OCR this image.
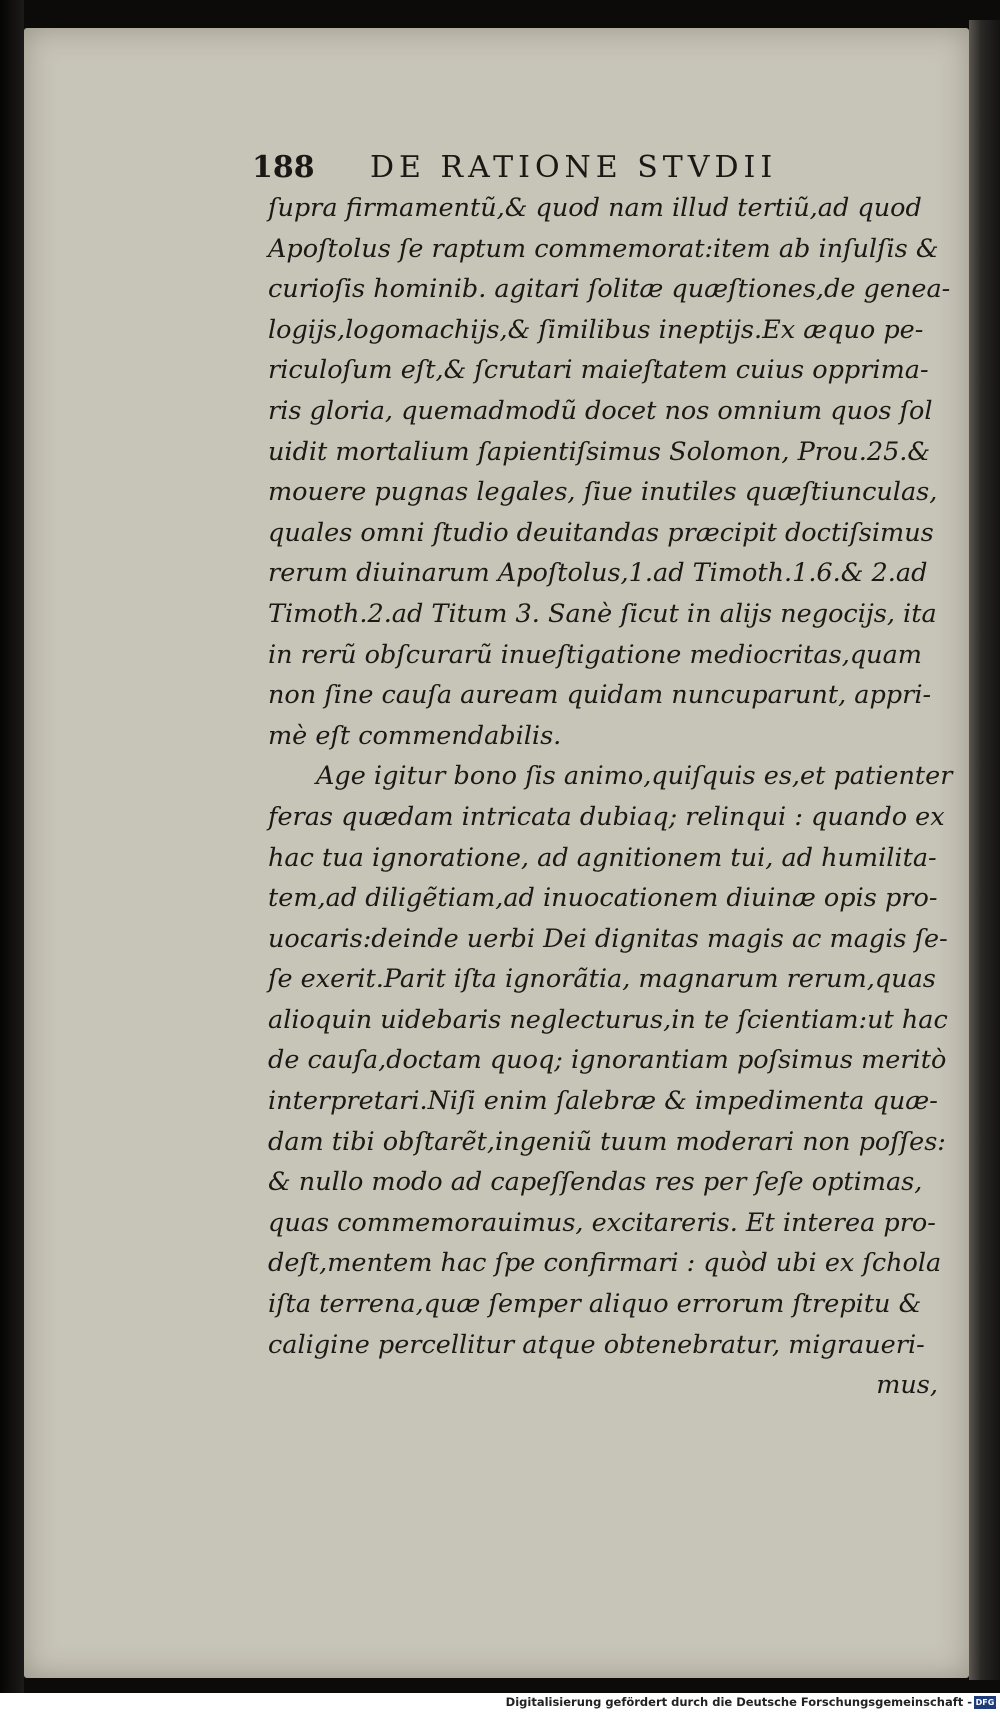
188 DE RATIONE STVDII
ſupra firmamentũ,& quod nam illud tertiũ,ad quod
Apoſtolus ſe raptum commemorat:item ab inſulſis &
curioſis hominib. agitari ſolitæ quæſtiones,de genea-
logijs,logomachijs,& ſimilibus ineptijs.Ex æquo pe-
riculoſum eſt,& ſcrutari maieſtatem cuius opprima-
ris gloria, quemadmodũ docet nos omnium quos ſol
uidit mortalium ſapientiſsimus Solomon, Prou.25.&
mouere pugnas legales, ſiue inutiles quæſtiunculas,
quales omni ſtudio deuitandas præcipit doctiſsimus
rerum diuinarum Apoſtolus,1.ad Timoth.1.6.& 2.ad
Timoth.2.ad Titum 3. Sanè ſicut in alijs negocijs, ita
in rerũ obſcurarũ inueſtigatione mediocritas,quam
non ſine cauſa auream quidam nuncuparunt, appri-
mè eſt commendabilis.
Age igitur bono ſis animo,quiſquis es,et patienter
feras quædam intricata dubiaq; relinqui : quando ex
hac tua ignoratione, ad agnitionem tui, ad humilita-
tem,ad diligẽtiam,ad inuocationem diuinæ opis pro-
uocaris:deinde uerbi Dei dignitas magis ac magis ſe-
ſe exerit.Parit iſta ignorãtia, magnarum rerum,quas
alioquin uidebaris neglecturus,in te ſcientiam:ut hac
de cauſa,doctam quoq; ignorantiam poſsimus meritò
interpretari.Niſi enim ſalebræ & impedimenta quæ-
dam tibi obſtarẽt,ingeniũ tuum moderari non poſſes:
& nullo modo ad capeſſendas res per ſeſe optimas,
quas commemorauimus, excitareris. Et interea pro-
deſt,mentem hac ſpe confirmari : quòd ubi ex ſchola
iſta terrena,quæ ſemper aliquo errorum ſtrepitu &
caligine percellitur atque obtenebratur, migraueri-
mus,
Digitalisierung gefördert durch die Deutsche Forschungsgemeinschaft - DFG
